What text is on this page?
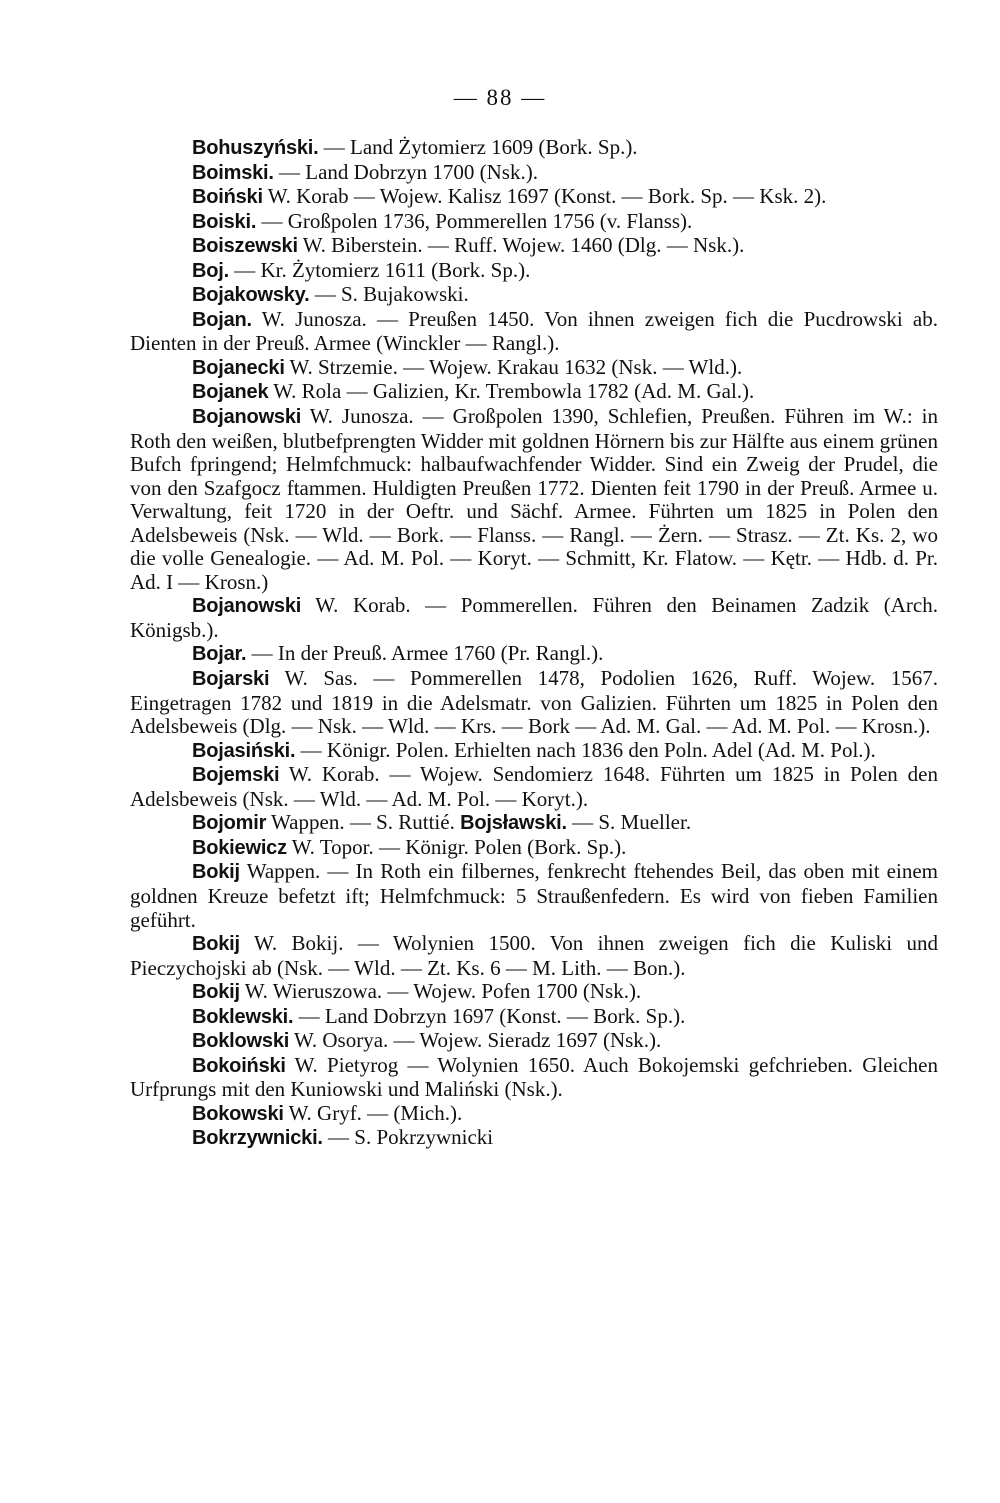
— 88 —

Bohuszyński. — Land Żytomierz 1609 (Bork. Sp.).

Boimski. — Land Dobrzyn 1700 (Nsk.).

Boiński W. Korab — Wojew. Kalisz 1697 (Konst. — Bork. Sp. — Ksk. 2).

Boiski. — Großpolen 1736, Pommerellen 1756 (v. Flanss).

Boiszewski W. Biberstein. — Ruff. Wojew. 1460 (Dlg. — Nsk.).

Boj. — Kr. Żytomierz 1611 (Bork. Sp.).

Bojakowsky. — S. Bujakowski.

Bojan. W. Junosza. — Preußen 1450. Von ihnen zweigen fich die Pucdrowski ab. Dienten in der Preuß. Armee (Winckler — Rangl.).

Bojanecki W. Strzemie. — Wojew. Krakau 1632 (Nsk. — Wld.).

Bojanek W. Rola — Galizien, Kr. Trembowla 1782 (Ad. M. Gal.).

Bojanowski W. Junosza. — Großpolen 1390, Schlefien, Preußen. Führen im W.: in Roth den weißen, blutbefprengten Widder mit goldnen Hörnern bis zur Hälfte aus einem grünen Bufch fpringend; Helmfchmuck: halbaufwachfender Widder. Sind ein Zweig der Prudel, die von den Szafgocz ftammen. Huldigten Preußen 1772. Dienten feit 1790 in der Preuß. Armee u. Verwaltung, feit 1720 in der Oeftr. und Sächf. Armee. Führten um 1825 in Polen den Adelsbeweis (Nsk. — Wld. — Bork. — Flanss. — Rangl. — Żern. — Strasz. — Zt. Ks. 2, wo die volle Genealogie. — Ad. M. Pol. — Koryt. — Schmitt, Kr. Flatow. — Kętr. — Hdb. d. Pr. Ad. I — Krosn.)

Bojanowski W. Korab. — Pommerellen. Führen den Beinamen Zadzik (Arch. Königsb.).

Bojar. — In der Preuß. Armee 1760 (Pr. Rangl.).

Bojarski W. Sas. — Pommerellen 1478, Podolien 1626, Ruff. Wojew. 1567. Eingetragen 1782 und 1819 in die Adelsmatr. von Galizien. Führten um 1825 in Polen den Adelsbeweis (Dlg. — Nsk. — Wld. — Krs. — Bork — Ad. M. Gal. — Ad. M. Pol. — Krosn.).

Bojasiński. — Königr. Polen. Erhielten nach 1836 den Poln. Adel (Ad. M. Pol.).

Bojemski W. Korab. — Wojew. Sendomierz 1648. Führten um 1825 in Polen den Adelsbeweis (Nsk. — Wld. — Ad. M. Pol. — Koryt.).

Bojomir Wappen. — S. Ruttié. Bojsławski. — S. Mueller.

Bokiewicz W. Topor. — Königr. Polen (Bork. Sp.).

Bokij Wappen. — In Roth ein filbernes, fenkrecht ftehendes Beil, das oben mit einem goldnen Kreuze befetzt ift; Helmfchmuck: 5 Straußenfedern. Es wird von fieben Familien geführt.

Bokij W. Bokij. — Wolynien 1500. Von ihnen zweigen fich die Kuliski und Pieczychojski ab (Nsk. — Wld. — Zt. Ks. 6 — M. Lith. — Bon.).

Bokij W. Wieruszowa. — Wojew. Pofen 1700 (Nsk.).

Boklewski. — Land Dobrzyn 1697 (Konst. — Bork. Sp.).

Boklowski W. Osorya. — Wojew. Sieradz 1697 (Nsk.).

Bokoiński W. Pietyrog — Wolynien 1650. Auch Bokojemski gefchrieben. Gleichen Urfprungs mit den Kuniowski und Maliński (Nsk.).

Bokowski W. Gryf. — (Mich.).

Bokrzywnicki. — S. Pokrzywnicki
